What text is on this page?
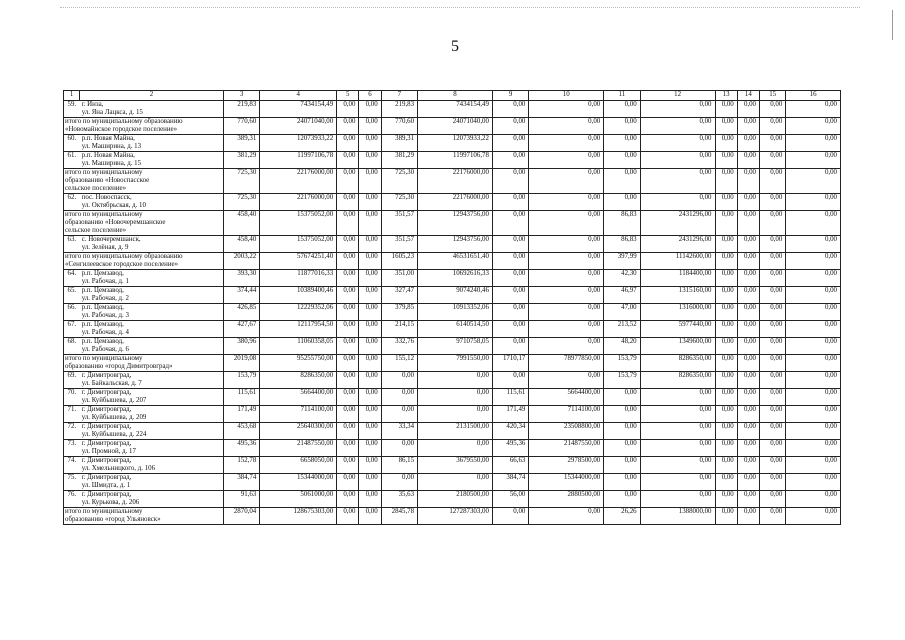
5
1	2	3	4	5	6	7	8	9	10	11	12	13	14	15	16
59.	г. Инза,
ул. Яна Лацкса, д. 15	219,83	7434154,49	0,00	0,00	219,83	7434154,49	0,00	0,00	0,00	0,00	0,00	0,00	0,00	0,00

итого по муниципальному образованию
«Новомайнское городское поселение»		770,60	24071040,00	0,00	0,00	770,60	24071040,00	0,00	0,00	0,00	0,00	0,00	0,00	0,00	0,00
60.	р.п. Новая Майна,
ул. Маширина, д. 13	389,31	12073933,22	0,00	0,00	389,31	12073933,22	0,00	0,00	0,00	0,00	0,00	0,00	0,00	0,00
61.	р.п. Новая Майна,
ул. Маширина, д. 15	381,29	11997106,78	0,00	0,00	381,29	11997106,78	0,00	0,00	0,00	0,00	0,00	0,00	0,00	0,00

итого по муниципальному
образованию «Новоспасское
сельское поселение»		725,30	22176000,00	0,00	0,00	725,30	22176000,00	0,00	0,00	0,00	0,00	0,00	0,00	0,00	0,00
62.	пос. Новоспасск,
ул. Октябрьская, д. 10	725,30	22176000,00	0,00	0,00	725,30	22176000,00	0,00	0,00	0,00	0,00	0,00	0,00	0,00	0,00

итого по муниципальному
образованию «Новочеремшанское
сельское поселение»		458,40	15375052,00	0,00	0,00	351,57	12943756,00	0,00	0,00	86,83	2431296,00	0,00	0,00	0,00	0,00
63.	с. Новочеремшанск,
ул. Зелёная, д. 9	458,40	15375052,00	0,00	0,00	351,57	12943756,00	0,00	0,00	86,83	2431296,00	0,00	0,00	0,00	0,00

итого по муниципальному образованию
«Сенгилеевское городское поселение»		2003,22	57674251,40	0,00	0,00	1605,23	46531651,40	0,00	0,00	397,99	11142600,00	0,00	0,00	0,00	0,00
64.	р.п. Цемзавод,
ул. Рабочая, д. 1	393,30	11877016,33	0,00	0,00	351,00	10692616,33	0,00	0,00	42,30	1184400,00	0,00	0,00	0,00	0,00
65.	р.п. Цемзавод,
ул. Рабочая, д. 2	374,44	10389400,46	0,00	0,00	327,47	9074240,46	0,00	0,00	46,97	1315160,00	0,00	0,00	0,00	0,00
66.	р.п. Цемзавод,
ул. Рабочая, д. 3	426,85	12229352,06	0,00	0,00	379,85	10913352,06	0,00	0,00	47,00	1316000,00	0,00	0,00	0,00	0,00
67.	р.п. Цемзавод,
ул. Рабочая, д. 4	427,67	12117954,50	0,00	0,00	214,15	6140514,50	0,00	0,00	213,52	5977440,00	0,00	0,00	0,00	0,00
68.	р.п. Цемзавод,
ул. Рабочая, д. 6	380,96	11060358,05	0,00	0,00	332,76	9710758,05	0,00	0,00	48,20	1349600,00	0,00	0,00	0,00	0,00

итого по муниципальному
образованию «город Димитровград»		2019,08	95255750,00	0,00	0,00	155,12	7991550,00	1710,17	78977850,00	153,79	8286350,00	0,00	0,00	0,00	0,00
69.	г. Димитровград,
ул. Байкальская, д. 7	153,79	8286350,00	0,00	0,00	0,00	0,00	0,00	0,00	153,79	8286350,00	0,00	0,00	0,00	0,00
70.	г. Димитровград,
ул. Куйбышева, д. 207	115,61	5664400,00	0,00	0,00	0,00	0,00	115,61	5664400,00	0,00	0,00	0,00	0,00	0,00	0,00
71.	г. Димитровград,
ул. Куйбышева, д. 209	171,49	7114100,00	0,00	0,00	0,00	0,00	171,49	7114100,00	0,00	0,00	0,00	0,00	0,00	0,00
72.	г. Димитровград,
ул. Куйбышева, д. 224	453,68	25640300,00	0,00	0,00	33,34	2131500,00	420,34	23508800,00	0,00	0,00	0,00	0,00	0,00	0,00
73.	г. Димитровград,
ул. Промной, д. 17	495,36	21487550,00	0,00	0,00	0,00	0,00	495,36	21487550,00	0,00	0,00	0,00	0,00	0,00	0,00
74.	г. Димитровград,
ул. Хмельницкого, д. 106	152,78	6658050,00	0,00	0,00	86,15	3679550,00	66,63	2978500,00	0,00	0,00	0,00	0,00	0,00	0,00
75.	г. Димитровград,
ул. Шмидта, д. 1	384,74	15344000,00	0,00	0,00	0,00	0,00	384,74	15344000,00	0,00	0,00	0,00	0,00	0,00	0,00
76.	г. Димитровград,
ул. Курькова, д. 206	91,63	5061000,00	0,00	0,00	35,63	2180500,00	56,00	2880500,00	0,00	0,00	0,00	0,00	0,00	0,00

итого по муниципальному
образованию «город Ульяновск»		2870,04	128675303,00	0,00	0,00	2845,78	127287303,00	0,00	0,00	26,26	1388000,00	0,00	0,00	0,00	0,00
